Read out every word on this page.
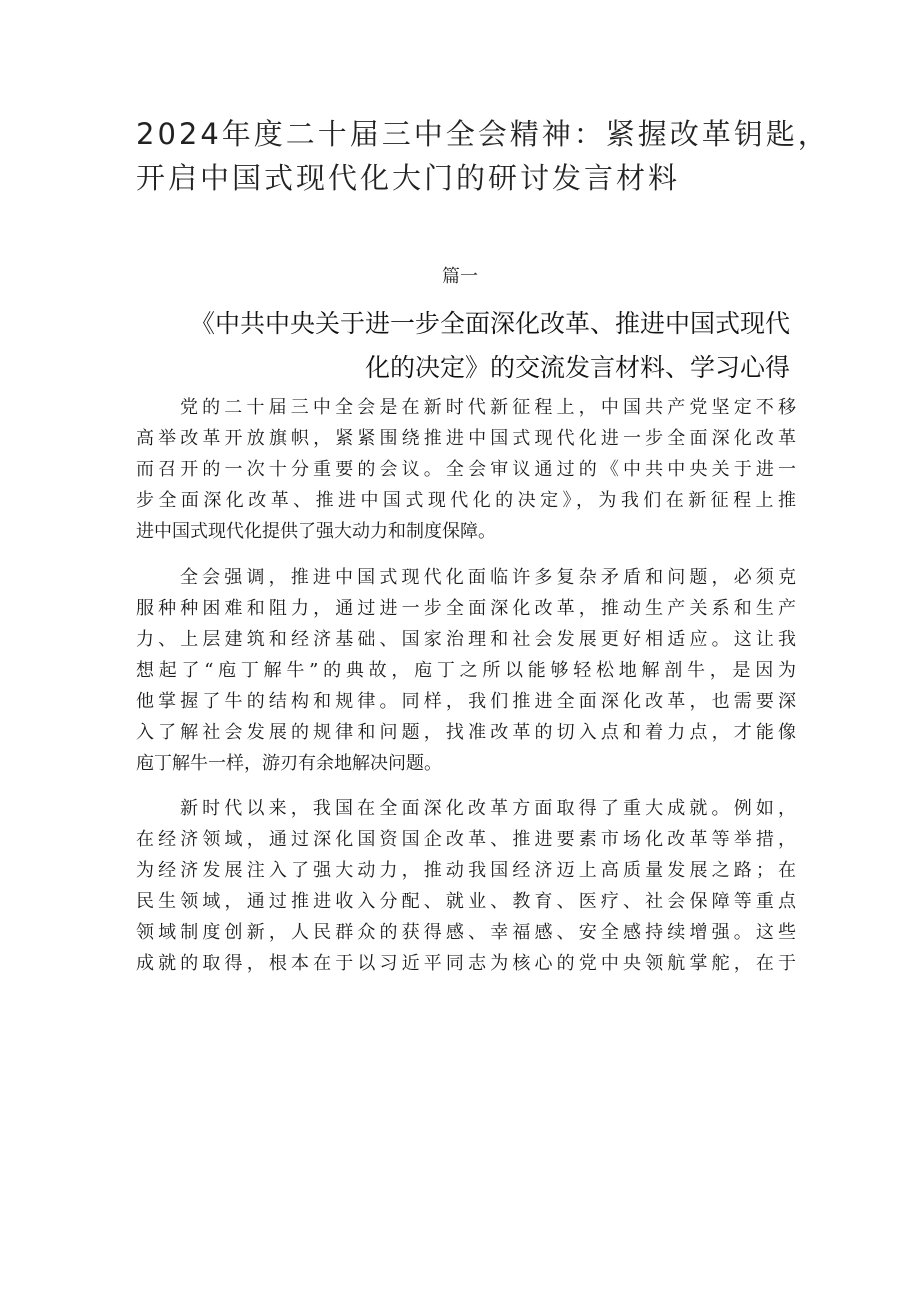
2024年度二十届三中全会精神：紧握改革钥匙，
开启中国式现代化大门的研讨发言材料
篇一
《中共中央关于进一步全面深化改革、推进中国式现代
化的决定》的交流发言材料、学习心得

党的二十届三中全会是在新时代新征程上，中国共产党坚定不移
高举改革开放旗帜，紧紧围绕推进中国式现代化进一步全面深化改革
而召开的一次十分重要的会议。全会审议通过的《中共中央关于进一
步全面深化改革、推进中国式现代化的决定》，为我们在新征程上推
进中国式现代化提供了强大动力和制度保障。

全会强调，推进中国式现代化面临许多复杂矛盾和问题，必须克
服种种困难和阻力，通过进一步全面深化改革，推动生产关系和生产
力、上层建筑和经济基础、国家治理和社会发展更好相适应。这让我
想起了“庖丁解牛”的典故，庖丁之所以能够轻松地解剖牛，是因为
他掌握了牛的结构和规律。同样，我们推进全面深化改革，也需要深
入了解社会发展的规律和问题，找准改革的切入点和着力点，才能像
庖丁解牛一样，游刃有余地解决问题。

新时代以来，我国在全面深化改革方面取得了重大成就。例如，
在经济领域，通过深化国资国企改革、推进要素市场化改革等举措，
为经济发展注入了强大动力，推动我国经济迈上高质量发展之路；在
民生领域，通过推进收入分配、就业、教育、医疗、社会保障等重点
领域制度创新，人民群众的获得感、幸福感、安全感持续增强。这些
成就的取得，根本在于以习近平同志为核心的党中央领航掌舵，在于
